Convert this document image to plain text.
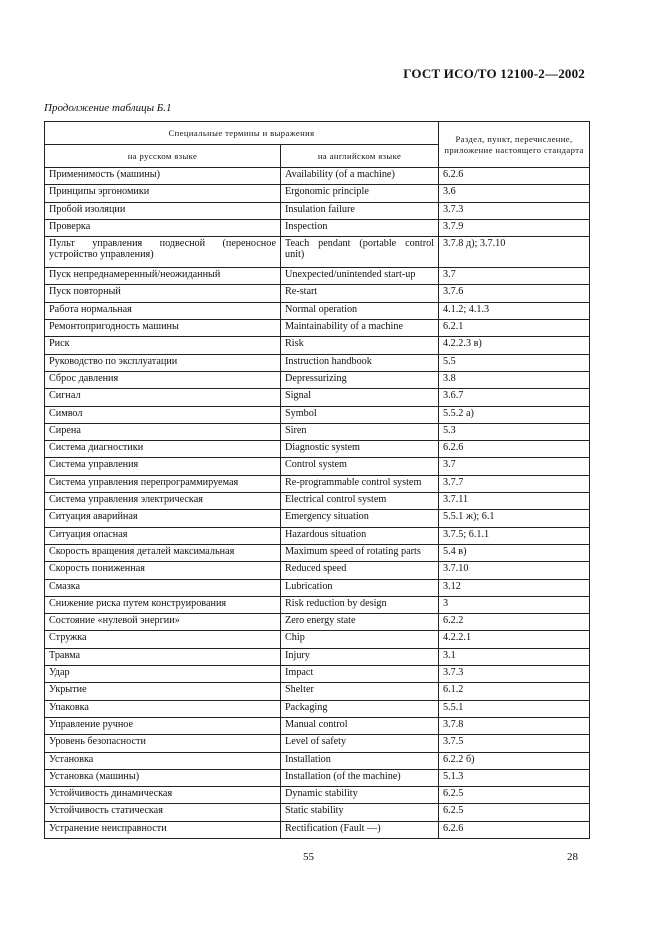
ГОСТ ИСО/ТО 12100-2—2002
Продолжение таблицы Б.1
Специальные термины и выражения		Раздел, пункт, перечисление, приложение настоящего стандарта
на русском языке	на английском языке	
Применимость (машины)	Availability (of a machine)	6.2.6
Принципы эргономики	Ergonomic principle	3.6
Пробой изоляции	Insulation failure	3.7.3
Проверка	Inspection	3.7.9
Пульт управления подвесной (переносное устройство управления)	Teach pendant (portable control unit)	3.7.8 д); 3.7.10
Пуск непреднамеренный/неожиданный	Unexpected/unintended start-up	3.7
Пуск повторный	Re-start	3.7.6
Работа нормальная	Normal operation	4.1.2; 4.1.3
Ремонтопригодность машины	Maintainability of a machine	6.2.1
Риск	Risk	4.2.2.3 в)
Руководство по эксплуатации	Instruction handbook	5.5
Сброс давления	Depressurizing	3.8
Сигнал	Signal	3.6.7
Символ	Symbol	5.5.2 а)
Сирена	Siren	5.3
Система диагностики	Diagnostic system	6.2.6
Система управления	Control system	3.7
Система управления перепрограммируемая	Re-programmable control system	3.7.7
Система управления электрическая	Electrical control system	3.7.11
Ситуация аварийная	Emergency situation	5.5.1 ж); 6.1
Ситуация опасная	Hazardous situation	3.7.5; 6.1.1
Скорость вращения деталей максимальная	Maximum speed of rotating parts	5.4 в)
Скорость пониженная	Reduced speed	3.7.10
Смазка	Lubrication	3.12
Снижение риска путем конструирования	Risk reduction by design	3
Состояние «нулевой энергии»	Zero energy state	6.2.2
Стружка	Chip	4.2.2.1
Травма	Injury	3.1
Удар	Impact	3.7.3
Укрытие	Shelter	6.1.2
Упаковка	Packaging	5.5.1
Управление ручное	Manual control	3.7.8
Уровень безопасности	Level of safety	3.7.5
Установка	Installation	6.2.2 б)
Установка (машины)	Installation (of the machine)	5.1.3
Устойчивость динамическая	Dynamic stability	6.2.5
Устойчивость статическая	Static stability	6.2.5
Устранение неисправности	Rectification (Fault —)	6.2.6
55	28
